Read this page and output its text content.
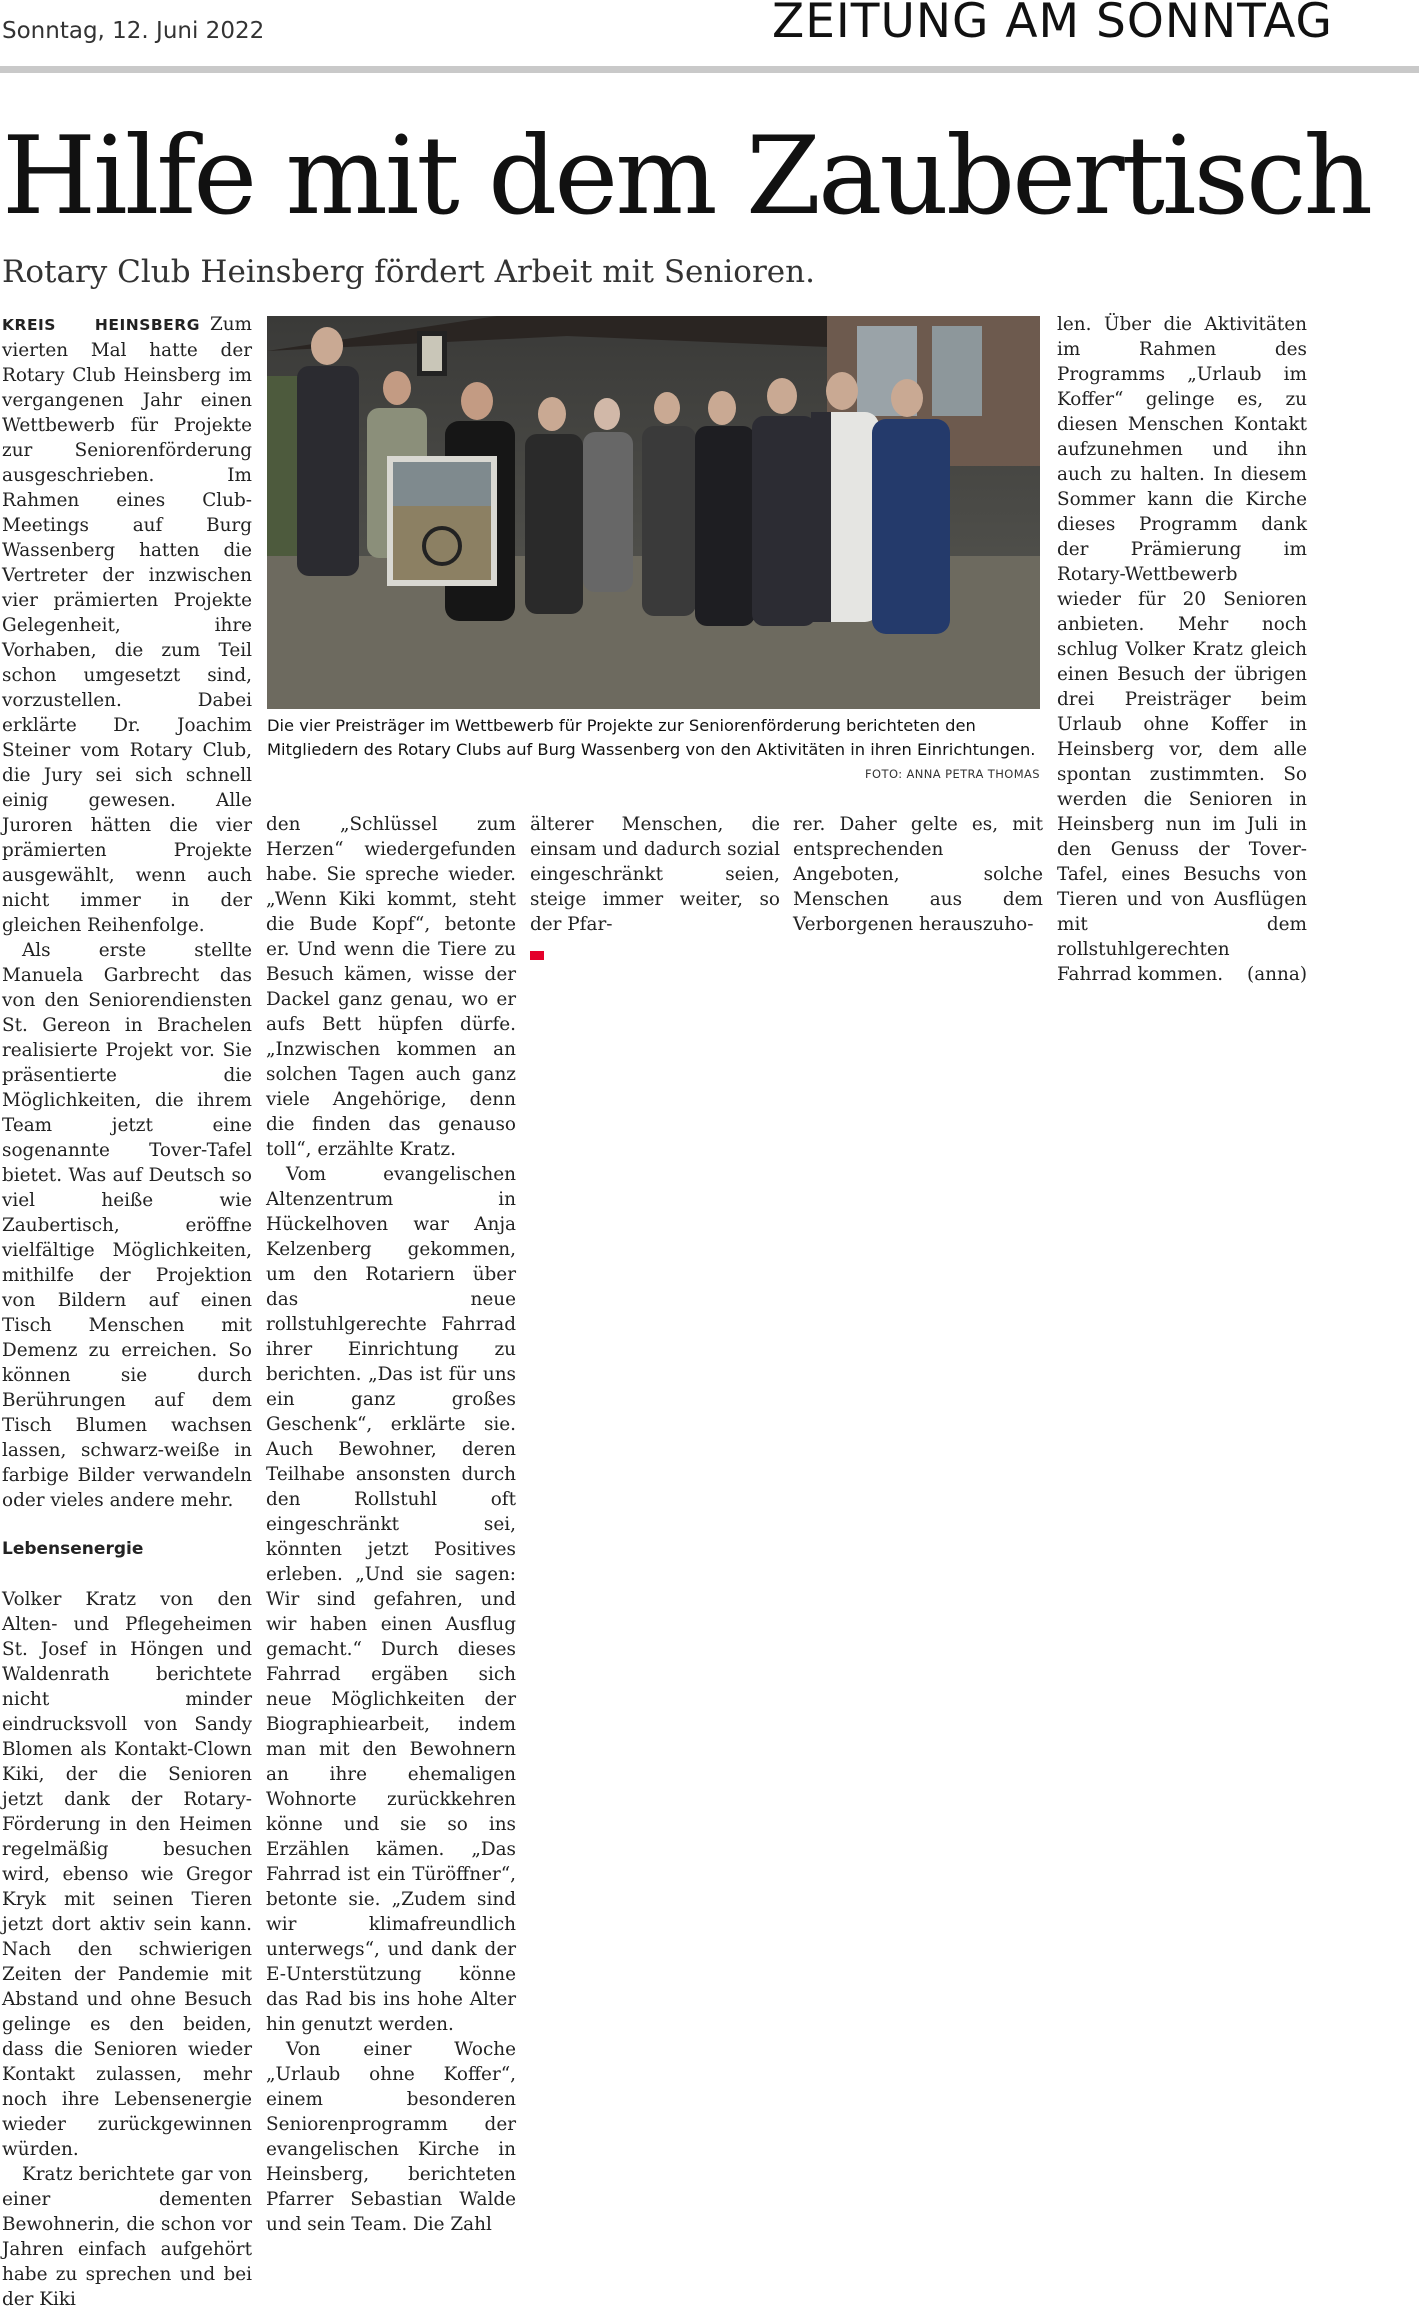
Sonntag, 12. Juni 2022	ZEITUNG AM SONNTAG
Hilfe mit dem Zaubertisch
Rotary Club Heinsberg fördert Arbeit mit Senioren.

KREIS HEINSBERG Zum vierten Mal hatte der Rotary Club Heinsberg im vergangenen Jahr einen Wettbewerb für Projekte zur Seniorenförderung ausgeschrieben. Im Rahmen eines Club-Meetings auf Burg Wassenberg hatten die Vertreter der inzwischen vier prämierten Projekte Gelegenheit, ihre Vorhaben, die zum Teil schon umgesetzt sind, vorzustellen. Dabei erklärte Dr. Joachim Steiner vom Rotary Club, die Jury sei sich schnell einig gewesen. Alle Juroren hätten die vier prämierten Projekte ausgewählt, wenn auch nicht immer in der gleichen Reihenfolge.

Als erste stellte Manuela Garbrecht das von den Seniorendiensten St. Gereon in Brachelen realisierte Projekt vor. Sie präsentierte die Möglichkeiten, die ihrem Team jetzt eine sogenannte Tover-Tafel bietet. Was auf Deutsch so viel heiße wie Zaubertisch, eröffne vielfältige Möglichkeiten, mithilfe der Projektion von Bildern auf einen Tisch Menschen mit Demenz zu erreichen. So können sie durch Berührungen auf dem Tisch Blumen wachsen lassen, schwarz-weiße in farbige Bilder verwandeln oder vieles andere mehr.

Lebensenergie

Volker Kratz von den Alten- und Pflegeheimen St. Josef in Höngen und Waldenrath berichtete nicht minder eindrucksvoll von Sandy Blomen als Kontakt-Clown Kiki, der die Senioren jetzt dank der Rotary-Förderung in den Heimen regelmäßig besuchen wird, ebenso wie Gregor Kryk mit seinen Tieren jetzt dort aktiv sein kann. Nach den schwierigen Zeiten der Pandemie mit Abstand und ohne Besuch gelinge es den beiden, dass die Senioren wieder Kontakt zulassen, mehr noch ihre Lebensenergie wieder zurückgewinnen würden.

Kratz berichtete gar von einer dementen Bewohnerin, die schon vor Jahren einfach aufgehört habe zu sprechen und bei der Kiki

Die vier Preisträger im Wettbewerb für Projekte zur Seniorenförderung berichteten den Mitgliedern des Rotary Clubs auf Burg Wassenberg von den Aktivitäten in ihren Einrichtungen.
FOTO: ANNA PETRA THOMAS

den „Schlüssel zum Herzen“ wiedergefunden habe. Sie spreche wieder. „Wenn Kiki kommt, steht die Bude Kopf“, betonte er. Und wenn die Tiere zu Besuch kämen, wisse der Dackel ganz genau, wo er aufs Bett hüpfen dürfe. „Inzwischen kommen an solchen Tagen auch ganz viele Angehörige, denn die finden das genauso toll“, erzählte Kratz.

Vom evangelischen Altenzentrum in Hückelhoven war Anja Kelzenberg gekommen, um den Rotariern über das neue rollstuhlgerechte Fahrrad ihrer Einrichtung zu berichten. „Das ist für uns ein ganz großes Geschenk“, erklärte sie. Auch Bewohner, deren Teilhabe ansonsten durch den Rollstuhl oft eingeschränkt sei, könnten jetzt Positives erleben. „Und sie sagen: Wir sind gefahren, und wir haben einen Ausflug gemacht.“ Durch dieses Fahrrad ergäben sich neue Möglichkeiten der Biographiearbeit, indem man mit den Bewohnern an ihre ehemaligen Wohnorte zurückkehren könne und sie so ins Erzählen kämen. „Das Fahrrad ist ein Türöffner“, betonte sie. „Zudem sind wir klimafreundlich unterwegs“, und dank der E-Unterstützung könne das Rad bis ins hohe Alter hin genutzt werden.

Von einer Woche „Urlaub ohne Koffer“, einem besonderen Seniorenprogramm der evangelischen Kirche in Heinsberg, berichteten Pfarrer Sebastian Walde und sein Team. Die Zahl

älterer Menschen, die einsam und dadurch sozial eingeschränkt seien, steige immer weiter, so der Pfar-

rer. Daher gelte es, mit entsprechenden Angeboten, solche Menschen aus dem Verborgenen herauszuho-

len. Über die Aktivitäten im Rahmen des Programms „Urlaub im Koffer“ gelinge es, zu diesen Menschen Kontakt aufzunehmen und ihn auch zu halten. In diesem Sommer kann die Kirche dieses Programm dank der Prämierung im Rotary-Wettbewerb wieder für 20 Senioren anbieten. Mehr noch schlug Volker Kratz gleich einen Besuch der übrigen drei Preisträger beim Urlaub ohne Koffer in Heinsberg vor, dem alle spontan zustimmten. So werden die Senioren in Heinsberg nun im Juli in den Genuss der Tover-Tafel, eines Besuchs von Tieren und von Ausflügen mit dem rollstuhlgerechten Fahrrad kommen. (anna)
